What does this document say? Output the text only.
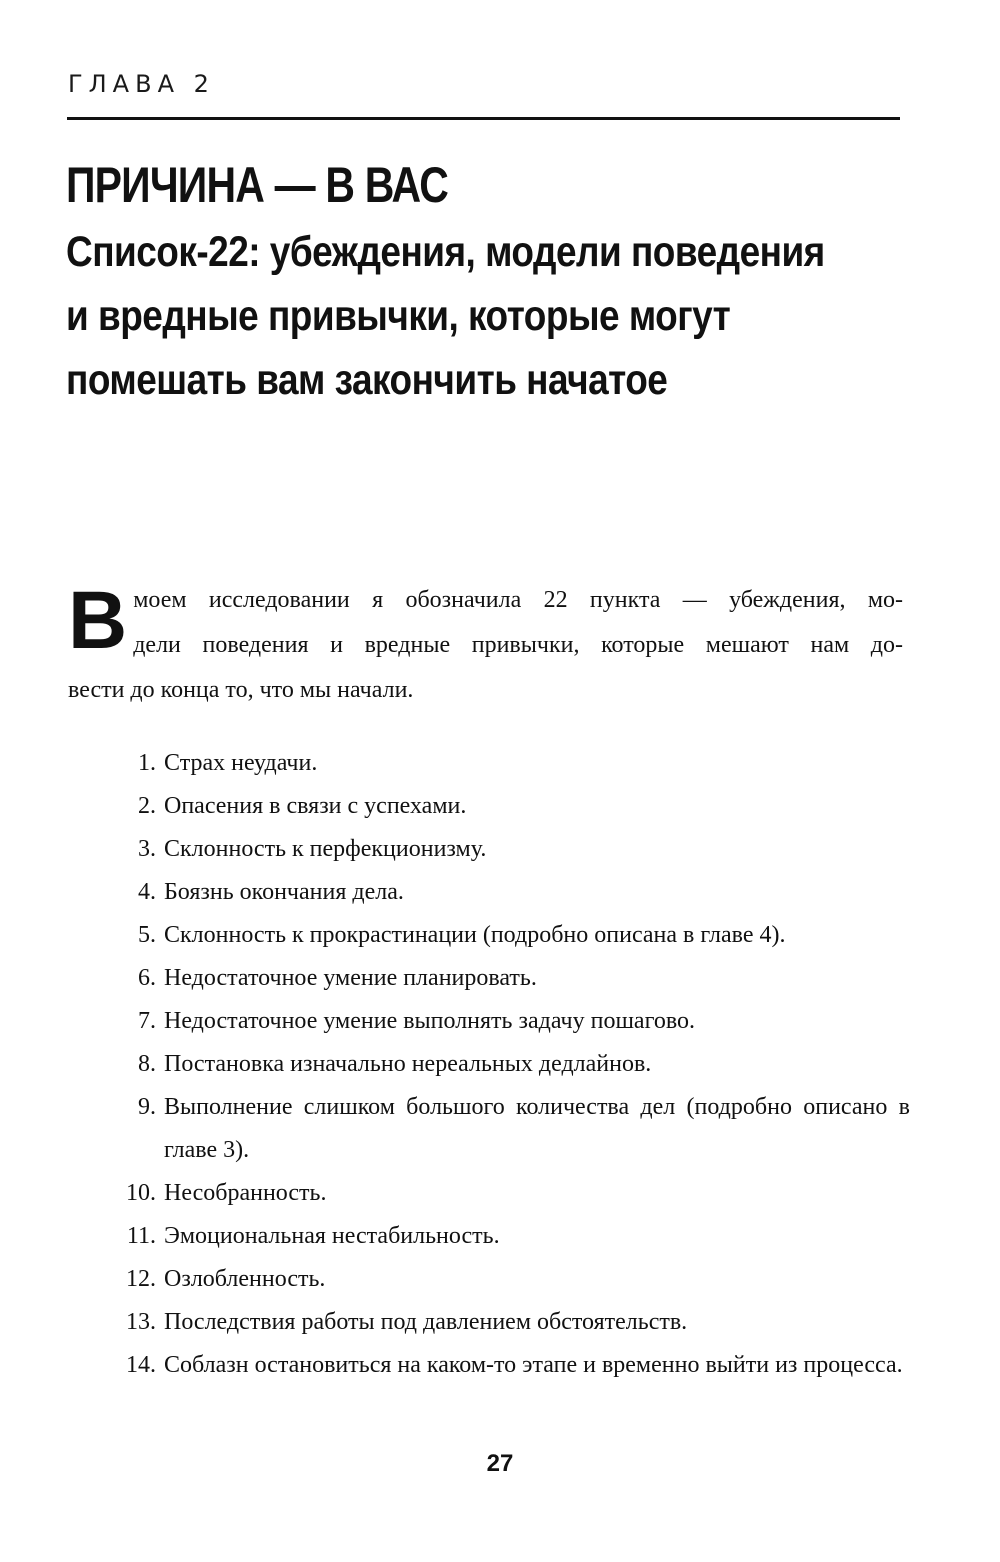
ГЛАВА 2
ПРИЧИНА — В ВАС
Список-22: убеждения, модели поведения
и вредные привычки, которые могут
помешать вам закончить начатое
В моем исследовании я обозначила 22 пункта — убеждения, мо-
дели поведения и вредные привычки, которые мешают нам до-
вести до конца то, что мы начали.
1. Страх неудачи.
2. Опасения в связи с успехами.
3. Склонность к перфекционизму.
4. Боязнь окончания дела.
5. Склонность к прокрастинации (подробно описана в главе 4).
6. Недостаточное умение планировать.
7. Недостаточное умение выполнять задачу пошагово.
8. Постановка изначально нереальных дедлайнов.
9. Выполнение слишком большого количества дел (подробно описано в главе 3).
10. Несобранность.
11. Эмоциональная нестабильность.
12. Озлобленность.
13. Последствия работы под давлением обстоятельств.
14. Соблазн остановиться на каком-то этапе и временно выйти из процесса.
27
